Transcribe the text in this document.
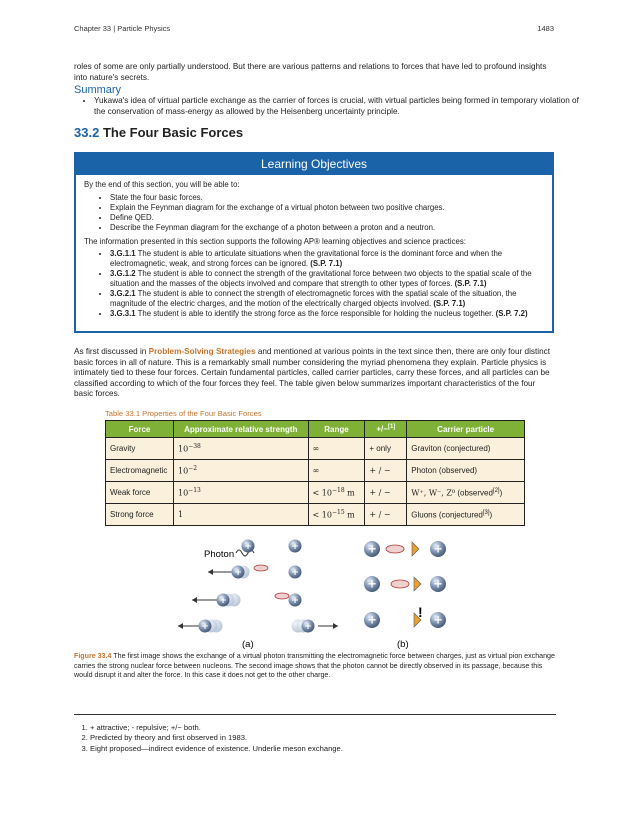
Chapter 33 | Particle Physics	1483
roles of some are only partially understood. But there are various patterns and relations to forces that have led to profound insights into nature's secrets.
Summary
• Yukawa's idea of virtual particle exchange as the carrier of forces is crucial, with virtual particles being formed in temporary violation of the conservation of mass-energy as allowed by the Heisenberg uncertainty principle.
33.2 The Four Basic Forces
Learning Objectives

By the end of this section, you will be able to:

• State the four basic forces.
• Explain the Feynman diagram for the exchange of a virtual photon between two positive charges.
• Define QED.
• Describe the Feynman diagram for the exchange of a photon between a proton and a neutron.

The information presented in this section supports the following AP® learning objectives and science practices:

• 3.G.1.1 The student is able to articulate situations when the gravitational force is the dominant force and when the electromagnetic, weak, and strong forces can be ignored. (S.P. 7.1)
• 3.G.1.2 The student is able to connect the strength of the gravitational force between two objects to the spatial scale of the situation and the masses of the objects involved and compare that strength to other types of forces. (S.P. 7.1)
• 3.G.2.1 The student is able to connect the strength of electromagnetic forces with the spatial scale of the situation, the magnitude of the electric charges, and the motion of the electrically charged objects involved. (S.P. 7.1)
• 3.G.3.1 The student is able to identify the strong force as the force responsible for holding the nucleus together. (S.P. 7.2)
As first discussed in Problem-Solving Strategies and mentioned at various points in the text since then, there are only four distinct basic forces in all of nature. This is a remarkably small number considering the myriad phenomena they explain. Particle physics is intimately tied to these four forces. Certain fundamental particles, called carrier particles, carry these forces, and all particles can be classified according to which of the four forces they feel. The table given below summarizes important characteristics of the four basic forces.
Table 33.1 Properties of the Four Basic Forces
Force	Approximate relative strength	Range	+/−[1]	Carrier particle
Gravity	$10^{-38}$	∞	+ only	Graviton (conjectured)
Electromagnetic	$10^{-2}$	∞	+ / −	Photon (observed)
Weak force	$10^{-13}$	< $10^{-18}$ m	+ / −	W⁺, W⁻, Z⁰ (observed[2])
Strong force	1	< $10^{-15}$ m	+ / −	Gluons (conjectured[3])
Photon
+	+
+	+
+	+
+	+
(a)
+	+
+	+
!
+	+
(b)
Figure 33.4 The first image shows the exchange of a virtual photon transmitting the electromagnetic force between charges, just as virtual pion exchange carries the strong nuclear force between nucleons. The second image shows that the photon cannot be directly observed in its passage, because this would disrupt it and alter the force. In this case it does not get to the other charge.
1. + attractive; - repulsive; +/− both.
2. Predicted by theory and first observed in 1983.
3. Eight proposed—indirect evidence of existence. Underlie meson exchange.
